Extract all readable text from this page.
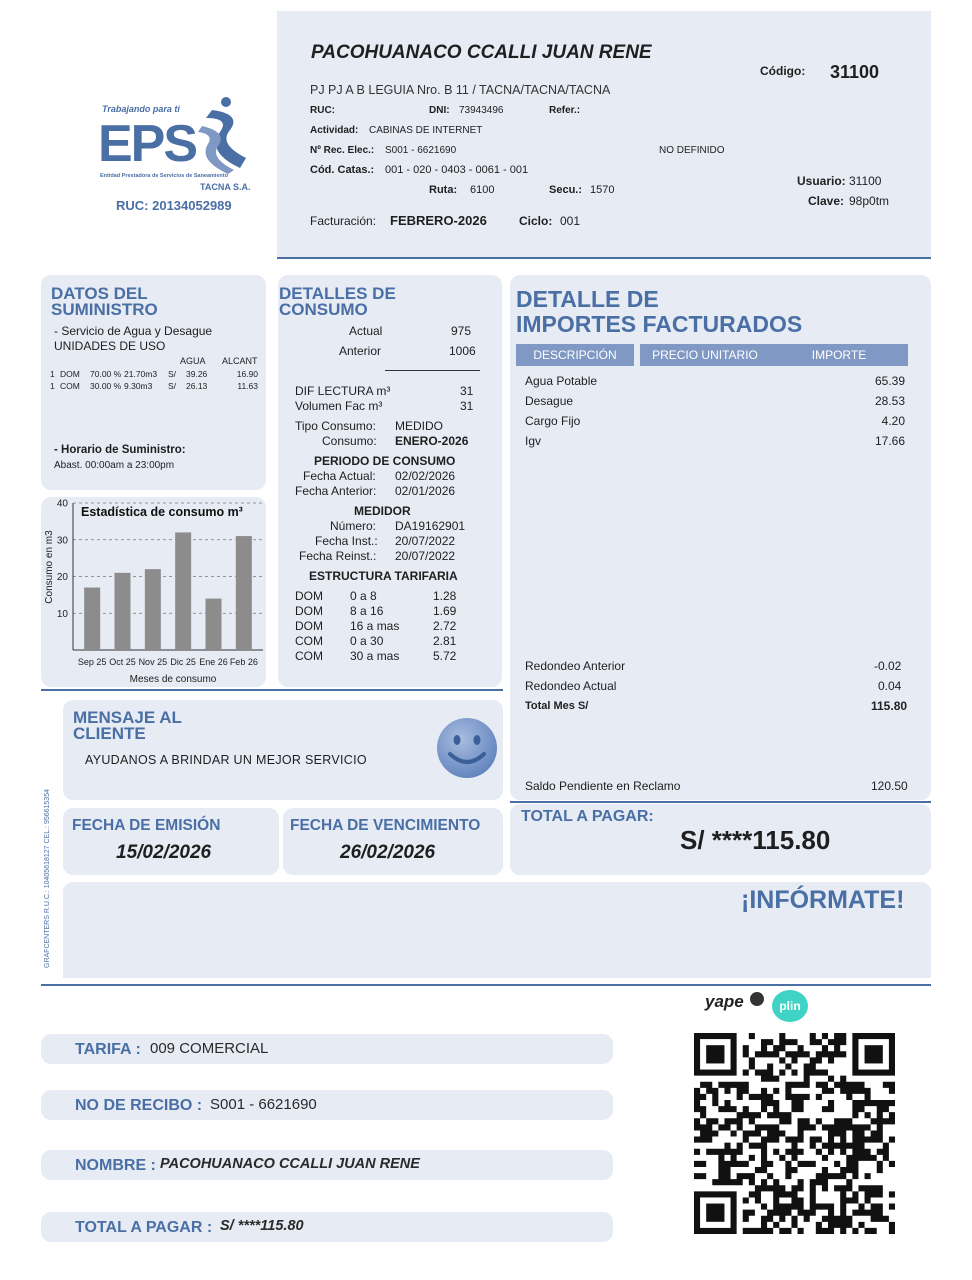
Trabajando para ti
EPS
Entidad Prestadora de Servicios de Saneamiento
TACNA S.A.
RUC: 20134052989
PACOHUANACO CCALLI JUAN RENE
Código: 31100
PJ PJ A B LEGUIA Nro. B 11 / TACNA/TACNA/TACNA
RUC:	DNI: 73943496	Refer.:
Actividad: CABINAS DE INTERNET
Nº Rec. Elec.: S001 - 6621690	NO DEFINIDO
Cód. Catas.: 001 - 020 - 0403 - 0061 - 001
Ruta: 6100	Secu.: 1570
Usuario: 31100
Clave: 98p0tm
Facturación: FEBRERO-2026	Ciclo: 001
DATOS DEL
SUMINISTRO
- Servicio de Agua y Desague
UNIDADES DE USO
AGUA ALCANT
1 DOM 70.00 % 21.70m3 S/ 39.26	16.90
1 COM 30.00 % 9.30m3 S/ 26.13	11.63
- Horario de Suministro:
Abast. 00:00am a 23:00pm
10
20
30
40
Sep 25 Oct 25 Nov 25 Dic 25 Ene 26 Feb 26
Estadística de consumo m³
Meses de consumo
Consumo en m3
DETALLES DE
CONSUMO
Actual	975
Anterior	1006
DIF LECTURA m³	31
Volumen Fac m³	31
Tipo Consumo: MEDIDO
Consumo: ENERO-2026
PERIODO DE CONSUMO
Fecha Actual: 02/02/2026
Fecha Anterior: 02/01/2026
MEDIDOR
Número: DA19162901
Fecha Inst.: 20/07/2022
Fecha Reinst.: 20/07/2022
ESTRUCTURA TARIFARIA
DOM 0 a 8	1.28
DOM 8 a 16	1.69
DOM 16 a mas	2.72
COM 0 a 30	2.81
COM 30 a mas	5.72
DETALLE DE
IMPORTES FACTURADOS
DESCRIPCIÓN	PRECIO UNITARIO	IMPORTE
Agua Potable	65.39
Desague	28.53
Cargo Fijo	4.20
Igv	17.66
Redondeo Anterior	-0.02
Redondeo Actual	0.04
Total Mes S/	115.80
Saldo Pendiente en Reclamo	120.50
MENSAJE AL
CLIENTE
AYUDANOS A BRINDAR UN MEJOR SERVICIO
FECHA DE EMISIÓN
15/02/2026
FECHA DE VENCIMIENTO
26/02/2026
TOTAL A PAGAR:
S/ ****115.80
¡INFÓRMATE!
GRAFCENTERS R.U.C.: 10405618127 CEL.: 956615354
yape	plin
TARIFA : 009 COMERCIAL
NO DE RECIBO : S001 - 6621690
NOMBRE : PACOHUANACO CCALLI JUAN RENE
TOTAL A PAGAR : S/ ****115.80
